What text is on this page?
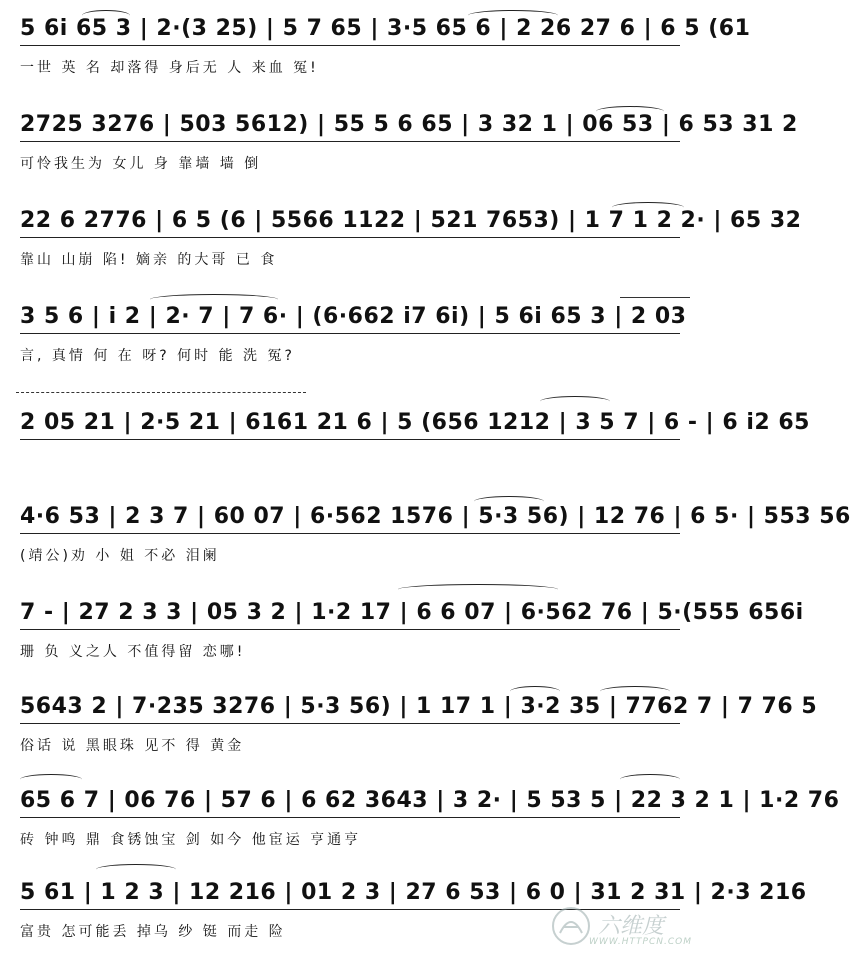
5 6i 65 3 | 2·(3 25) | 5 7 65 | 3·5 65 6 | 2 26 27 6 | 6 5 (61
一世 英 名 却落得 身后无 人 来血 冤!
2725 3276 | 503 5612) | 55 5 6 65 | 3 32 1 | 06 53 | 6 53 31 2
可怜我生为 女儿 身 靠墙 墙 倒
22 6 2776 | 6 5 (6 | 5566 1122 | 521 7653) | 1 7 1 2 2· | 65 32
靠山 山崩 陷! 嫡亲 的大哥 已 食
3 5 6 | i 2 | 2· 7 | 7 6· | (6·662 i7 6i) | 5 6i 65 3 | 2 03
言, 真情 何 在 呀? 何时 能 洗 冤?
2 05 21 | 2·5 21 | 6161 21 6 | 5 (656 1212 | 3 5 7 | 6 - | 6 i2 65
4·6 53 | 2 3 7 | 60 07 | 6·562 1576 | 5·3 56) | 12 76 | 6 5· | 553 56
(靖公)劝 小 姐 不必 泪阑
7 - | 27 2 3 3 | 05 3 2 | 1·2 17 | 6 6 07 | 6·562 76 | 5·(555 656i
珊 负 义之人 不值得留 恋哪!
5643 2 | 7·235 3276 | 5·3 56) | 1 17 1 | 3·2 35 | 7762 7 | 7 76 5
俗话 说 黑眼珠 见不 得 黄金
65 6 7 | 06 76 | 57 6 | 6 62 3643 | 3 2· | 5 53 5 | 22 3 2 1 | 1·2 76
砖 钟鸣 鼎 食锈蚀宝 剑 如今 他宦运 亨通亨
5 61 | 1 2 3 | 12 216 | 01 2 3 | 27 6 53 | 6 0 | 31 2 31 | 2·3 216
富贵 怎可能丢 掉乌 纱 铤 而走 险	六维度
WWW.HTTPCN.COM
